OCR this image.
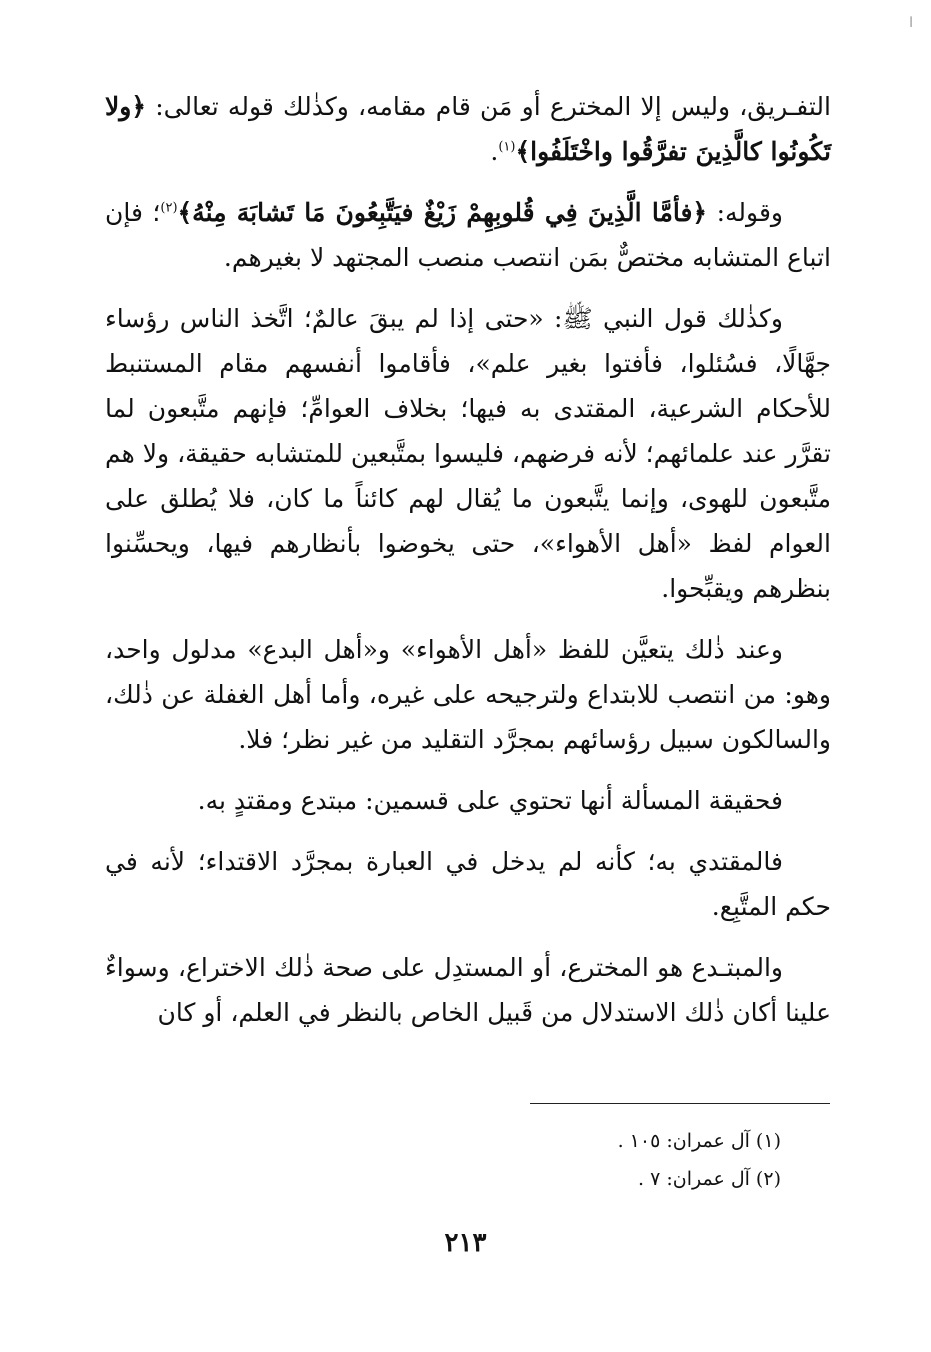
ا

التفـريق، وليس إلا المخترع أو مَن قام مقامه، وكذٰلك قوله تعالى: ﴿ولا تَكُونُوا كالَّذِينَ تفرَّقُوا واخْتَلَفُوا﴾$^{(١)}$.

وقوله: ﴿فأمَّا الَّذِينَ فِي قُلوبِهِمْ زَيْغٌ فيَتَّبِعُونَ مَا تَشابَهَ مِنْهُ﴾$^{(٢)}$؛ فإن اتباع المتشابه مختصٌّ بمَن انتصب منصب المجتهد لا بغيرهم.

وكذٰلك قول النبي ﷺ: «حتى إذا لم يبقَ عالمٌ؛ اتَّخذ الناس رؤساء جهَّالًا، فسُئلوا، فأفتوا بغير علم»، فأقاموا أنفسهم مقام المستنبط للأحكام الشرعية، المقتدى به فيها؛ بخلاف العوامِّ؛ فإنهم متَّبعون لما تقرَّر عند علمائهم؛ لأنه فرضهم، فليسوا بمتَّبعين للمتشابه حقيقة، ولا هم متَّبعون للهوى، وإنما يتَّبعون ما يُقال لهم كائناً ما كان، فلا يُطلق على العوام لفظ «أهل الأهواء»، حتى يخوضوا بأنظارهم فيها، ويحسِّنوا بنظرهم ويقبِّحوا.

وعند ذٰلك يتعيَّن للفظ «أهل الأهواء» و«أهل البدع» مدلول واحد، وهو: من انتصب للابتداع ولترجيحه على غيره، وأما أهل الغفلة عن ذٰلك، والسالكون سبيل رؤسائهم بمجرَّد التقليد من غير نظر؛ فلا.

فحقيقة المسألة أنها تحتوي على قسمين: مبتدع ومقتدٍ به.

فالمقتدي به؛ كأنه لم يدخل في العبارة بمجرَّد الاقتداء؛ لأنه في حكم المتَّبِع.

والمبتـدع هو المخترع، أو المستدِل على صحة ذٰلك الاختراع، وسواءٌ علينا أكان ذٰلك الاستدلال من قَبيل الخاص بالنظر في العلم، أو كان

(١) آل عمران: ١٠٥ .
(٢) آل عمران: ٧ .
٢١٣
